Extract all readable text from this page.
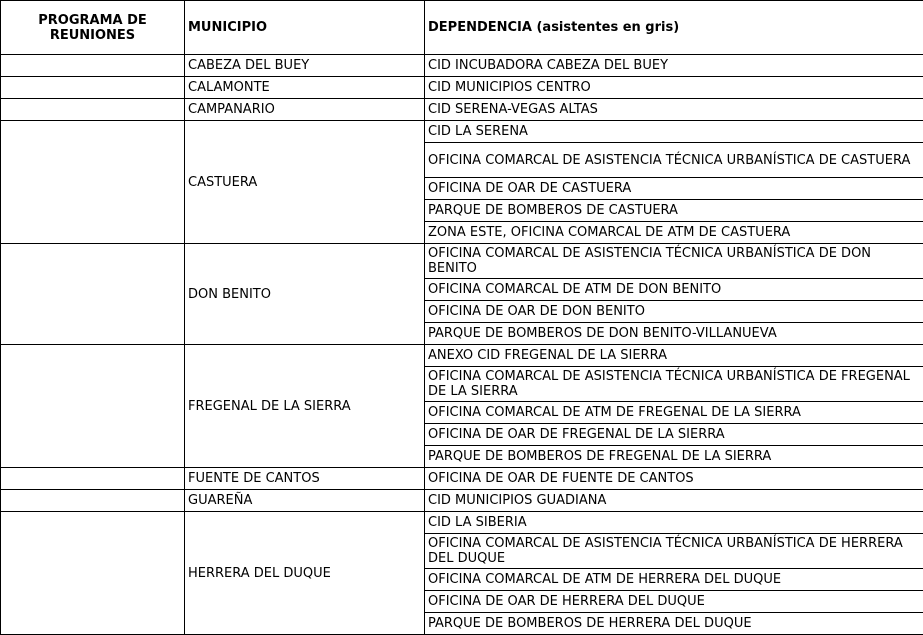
PROGRAMA DE REUNIONES	MUNICIPIO	DEPENDENCIA (asistentes en gris)
	CABEZA DEL BUEY	CID INCUBADORA CABEZA DEL BUEY
	CALAMONTE	CID MUNICIPIOS CENTRO
	CAMPANARIO	CID SERENA-VEGAS ALTAS
	CASTUERA	CID LA SERENA
		OFICINA COMARCAL DE ASISTENCIA TÉCNICA URBANÍSTICA DE CASTUERA
		OFICINA DE OAR DE CASTUERA
		PARQUE DE BOMBEROS DE CASTUERA
		ZONA ESTE, OFICINA COMARCAL DE ATM DE CASTUERA
	DON BENITO	OFICINA COMARCAL DE ASISTENCIA TÉCNICA URBANÍSTICA DE DON BENITO
		OFICINA COMARCAL DE ATM DE DON BENITO
		OFICINA DE OAR DE DON BENITO
		PARQUE DE BOMBEROS DE DON BENITO-VILLANUEVA
	FREGENAL DE LA SIERRA	ANEXO CID FREGENAL DE LA SIERRA
		OFICINA COMARCAL DE ASISTENCIA TÉCNICA URBANÍSTICA DE FREGENAL DE LA SIERRA
		OFICINA COMARCAL DE ATM DE FREGENAL DE LA SIERRA
		OFICINA DE OAR DE FREGENAL DE LA SIERRA
		PARQUE DE BOMBEROS DE FREGENAL DE LA SIERRA
	FUENTE DE CANTOS	OFICINA DE OAR DE FUENTE DE CANTOS
	GUAREÑA	CID MUNICIPIOS GUADIANA
	HERRERA DEL DUQUE	CID LA SIBERIA
		OFICINA COMARCAL DE ASISTENCIA TÉCNICA URBANÍSTICA DE HERRERA DEL DUQUE
		OFICINA COMARCAL DE ATM DE HERRERA DEL DUQUE
		OFICINA DE OAR DE HERRERA DEL DUQUE
		PARQUE DE BOMBEROS DE HERRERA DEL DUQUE
